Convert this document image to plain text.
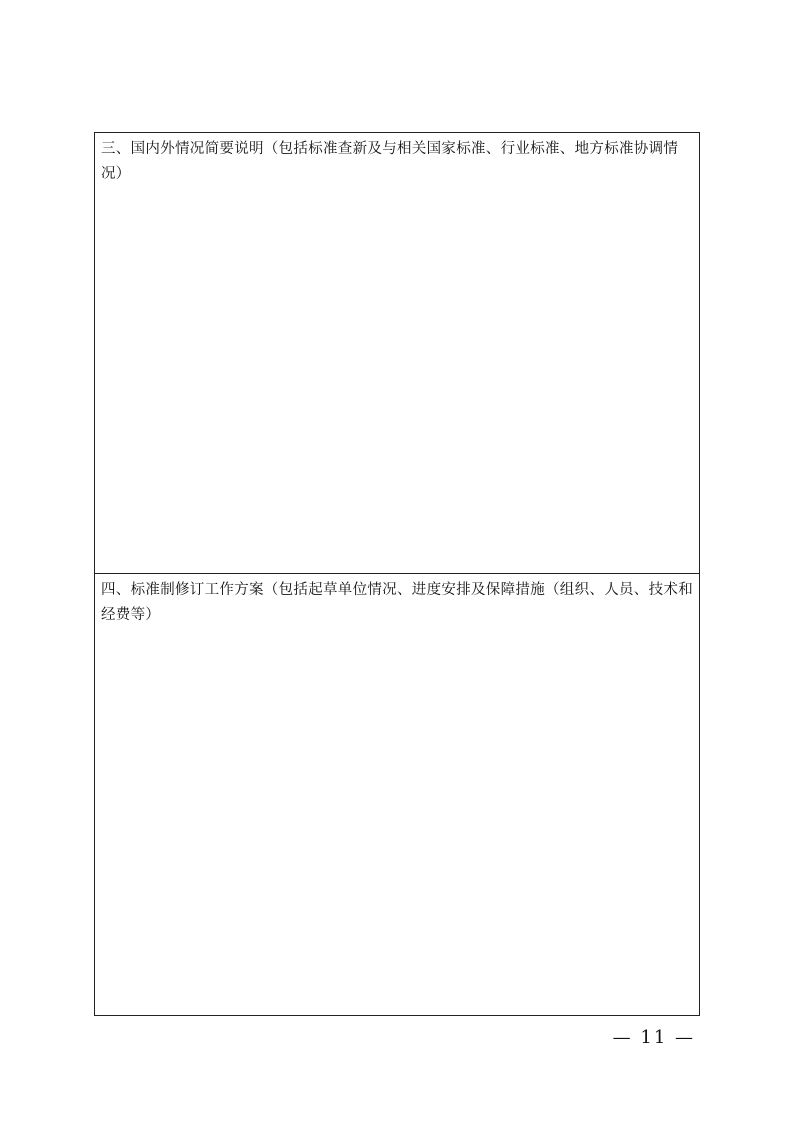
三、国内外情况简要说明（包括标准查新及与相关国家标准、行业标准、地方标准协调情况）

四、标准制修订工作方案（包括起草单位情况、进度安排及保障措施（组织、人员、技术和经费等）

— 11 —
